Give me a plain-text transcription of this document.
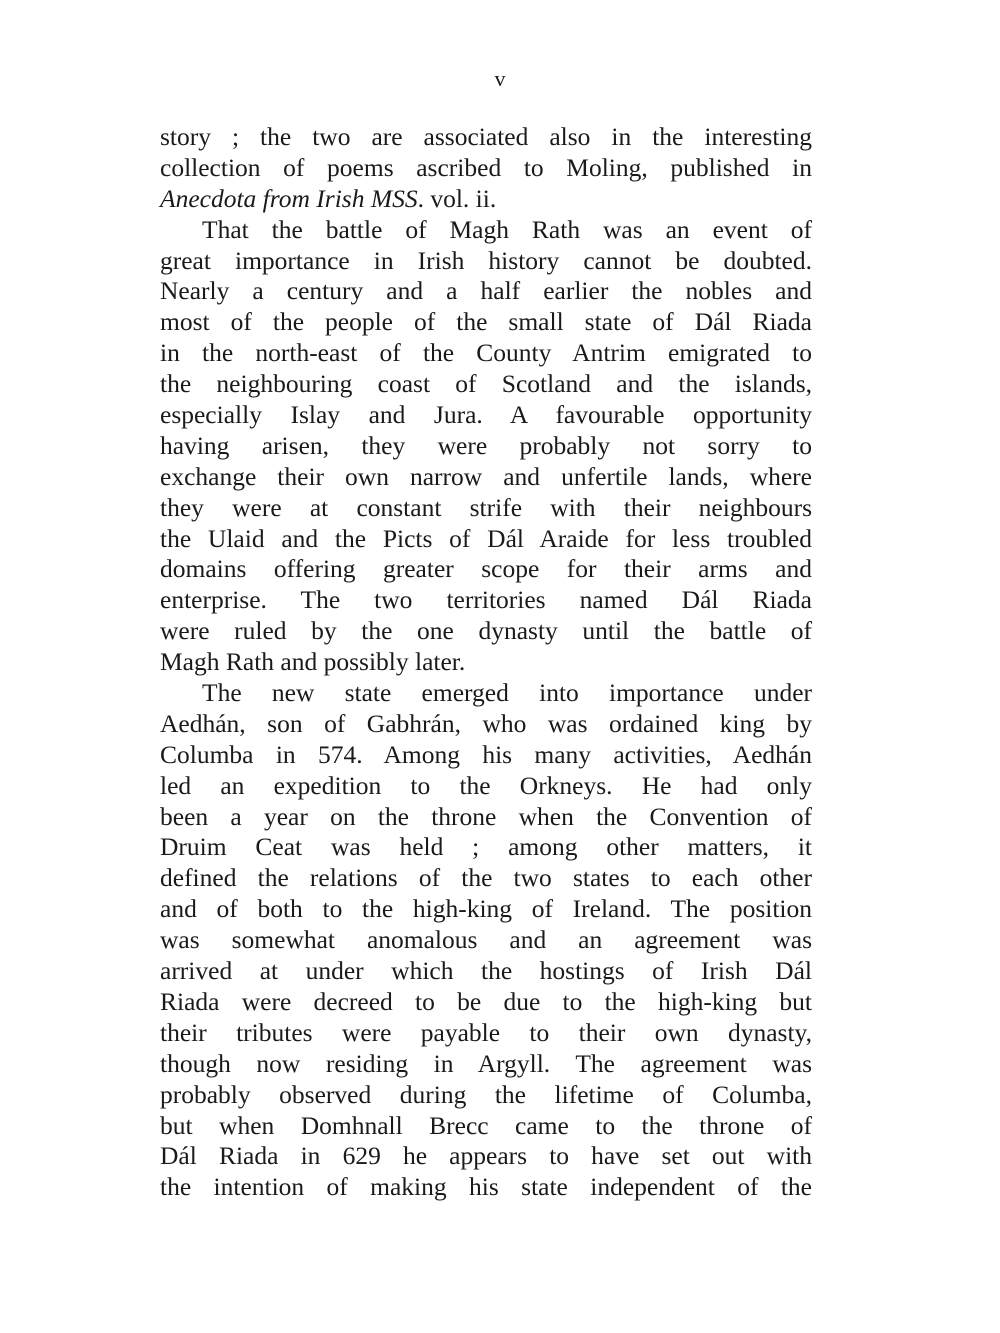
v
story ; the two are associated also in the interesting
collection of poems ascribed to Moling, published in
Anecdota from Irish MSS. vol. ii.
That the battle of Magh Rath was an event of
great importance in Irish history cannot be doubted.
Nearly a century and a half earlier the nobles and
most of the people of the small state of Dál Riada
in the north-east of the County Antrim emigrated to
the neighbouring coast of Scotland and the islands,
especially Islay and Jura. A favourable opportunity
having arisen, they were probably not sorry to
exchange their own narrow and unfertile lands, where
they were at constant strife with their neighbours
the Ulaid and the Picts of Dál Araide for less troubled
domains offering greater scope for their arms and
enterprise. The two territories named Dál Riada
were ruled by the one dynasty until the battle of
Magh Rath and possibly later.
The new state emerged into importance under
Aedhán, son of Gabhrán, who was ordained king by
Columba in 574. Among his many activities, Aedhán
led an expedition to the Orkneys. He had only
been a year on the throne when the Convention of
Druim Ceat was held ; among other matters, it
defined the relations of the two states to each other
and of both to the high-king of Ireland. The position
was somewhat anomalous and an agreement was
arrived at under which the hostings of Irish Dál
Riada were decreed to be due to the high-king but
their tributes were payable to their own dynasty,
though now residing in Argyll. The agreement was
probably observed during the lifetime of Columba,
but when Domhnall Brecc came to the throne of
Dál Riada in 629 he appears to have set out with
the intention of making his state independent of the
